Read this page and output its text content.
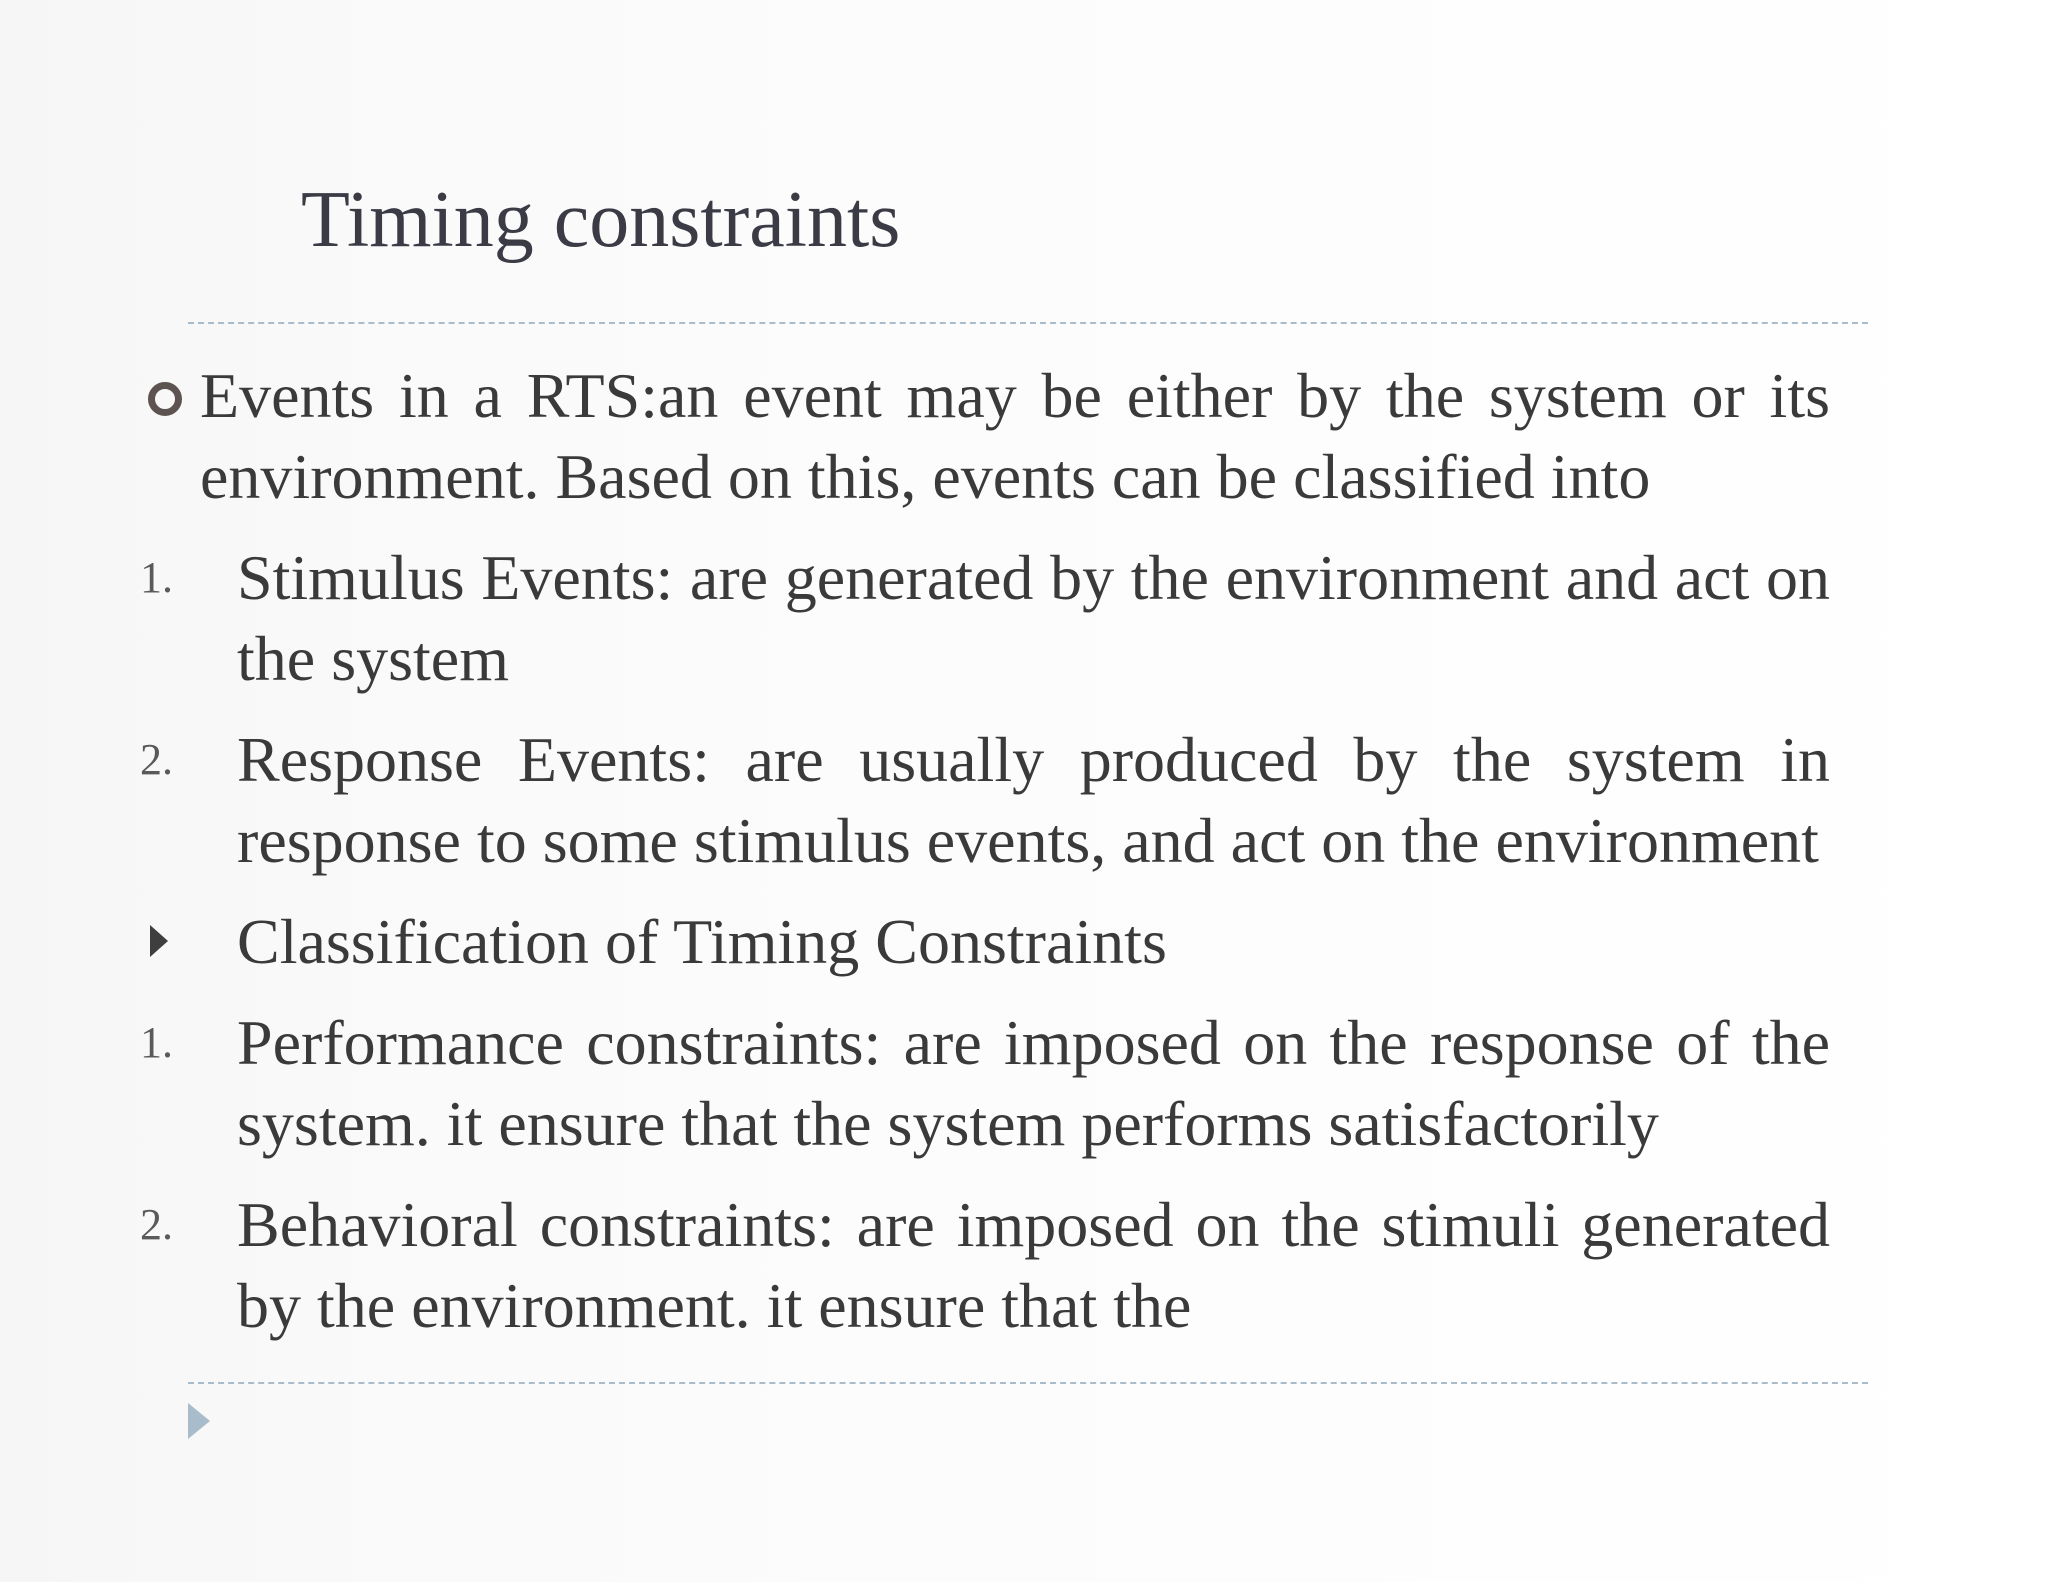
Timing constraints
Events in a RTS:an event may be either by the system or its environment. Based on this, events can be classified into
1.	Stimulus Events: are generated by the environment and act on the system
2.	Response Events: are usually produced by the system in response to some stimulus events, and act on the environment
Classification of Timing Constraints
1.	Performance constraints: are imposed on the response of the system. it ensure that the system performs satisfactorily
2.	Behavioral constraints: are imposed on the stimuli generated by the environment. it ensure that the
